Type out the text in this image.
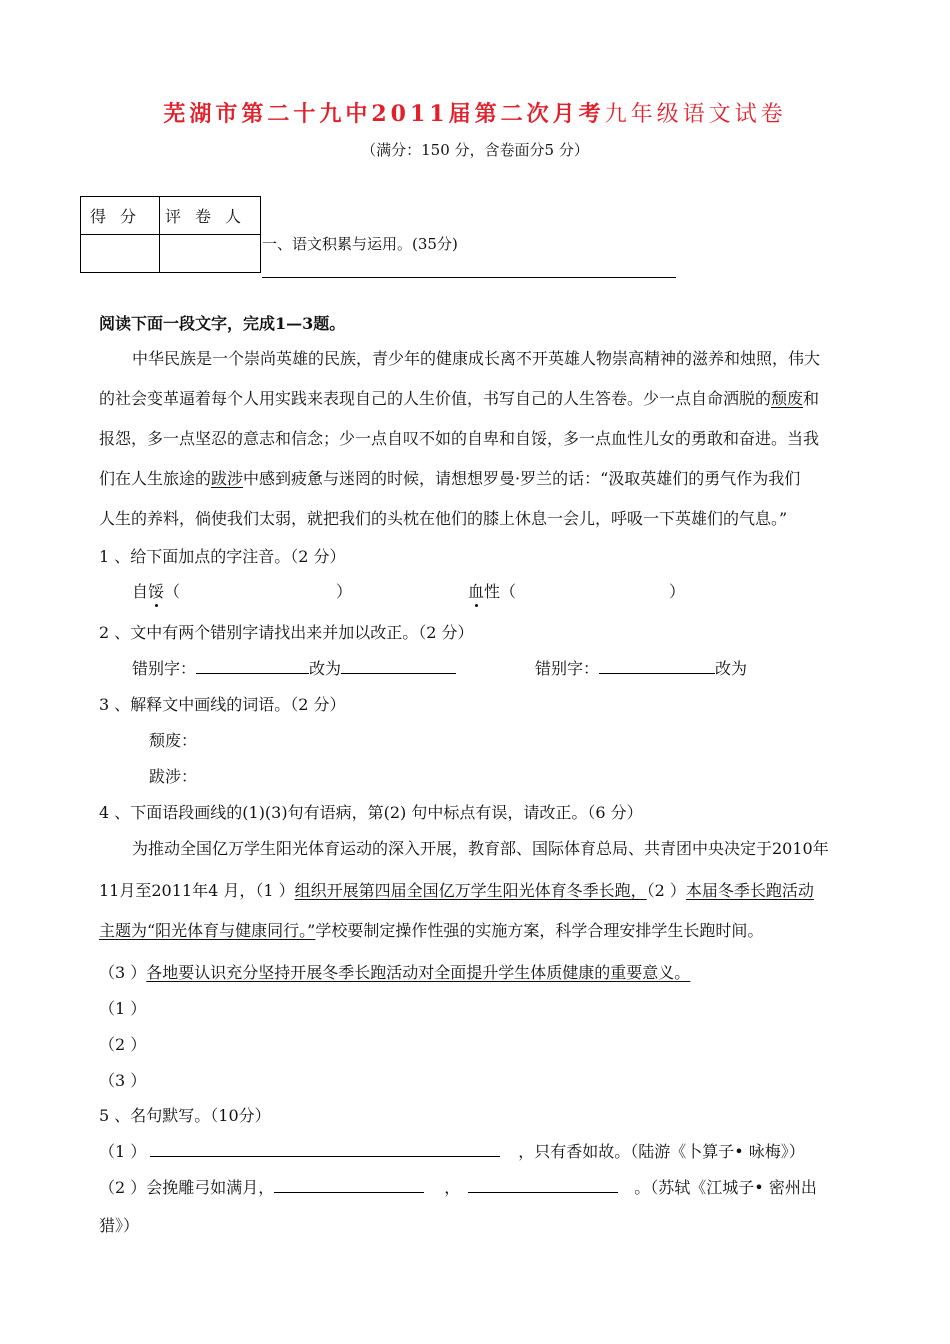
芜湖市第二十九中2011届第二次月考九年级语文试卷
（满分：150 分，含卷面分5 分）
得分	评卷人

一、语文积累与运用。(35分)
阅读下面一段文字，完成1—3题。
中华民族是一个崇尚英雄的民族，青少年的健康成长离不开英雄人物崇高精神的滋养和烛照，伟大
的社会变革逼着每个人用实践来表现自己的人生价值，书写自己的人生答卷。少一点自命洒脱的颓废和
报怨，多一点坚忍的意志和信念；少一点自叹不如的自卑和自馁，多一点血性儿女的勇敢和奋进。当我
们在人生旅途的跋涉中感到疲惫与迷罔的时候，请想想罗曼·罗兰的话：“汲取英雄们的勇气作为我们
人生的养料，倘使我们太弱，就把我们的头枕在他们的膝上休息一会儿，呼吸一下英雄们的气息。”
1 、给下面加点的字注音。（2 分）
自馁（	）	血性（	）
2 、文中有两个错别字请找出来并加以改正。（2 分）
错别字：	改为	错别字：	改为
3 、解释文中画线的词语。（2 分）
颓废：
跋涉：
4 、下面语段画线的(1)(3)句有语病，第(2) 句中标点有误，请改正。（6 分）
为推动全国亿万学生阳光体育运动的深入开展，教育部、国际体育总局、共青团中央决定于2010年
11月至2011年4 月，（1 ）组织开展第四届全国亿万学生阳光体育冬季长跑，（2 ）本届冬季长跑活动
主题为“阳光体育与健康同行。”学校要制定操作性强的实施方案，科学合理安排学生长跑时间。
（3 ）各地要认识充分坚持开展冬季长跑活动对全面提升学生体质健康的重要意义。
（1 ）
（2 ）
（3 ）
5 、名句默写。（10分）
（1 ）	，只有香如故。（陆游《卜算子• 咏梅》）
（2 ）会挽雕弓如满月，	，	。（苏轼《江城子• 密州出
猎》）
